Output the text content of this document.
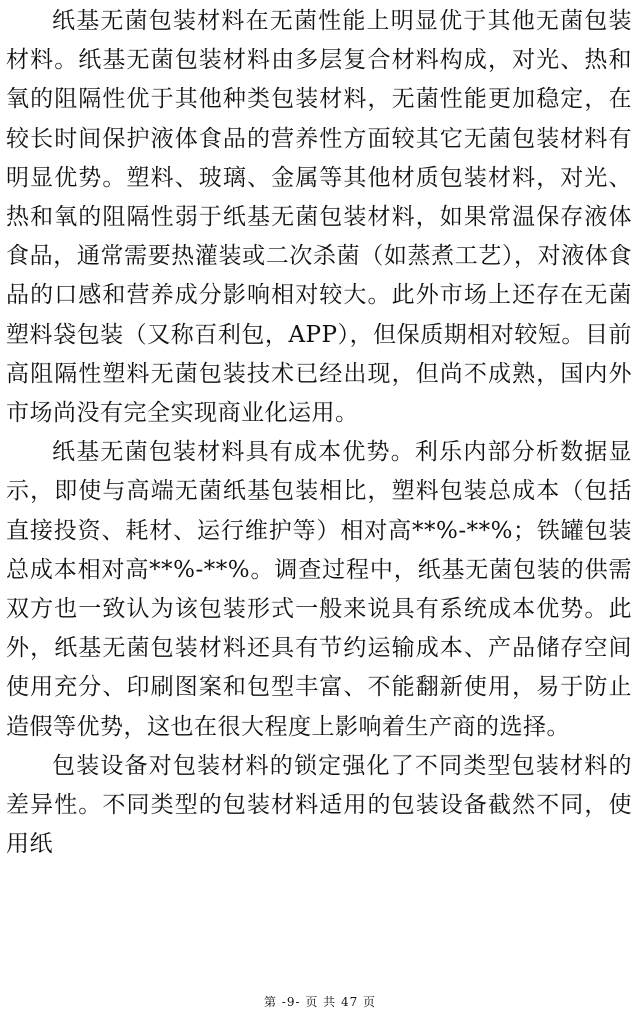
纸基无菌包装材料在无菌性能上明显优于其他无菌包装材料。纸基无菌包装材料由多层复合材料构成，对光、热和氧的阻隔性优于其他种类包装材料，无菌性能更加稳定，在较长时间保护液体食品的营养性方面较其它无菌包装材料有明显优势。塑料、玻璃、金属等其他材质包装材料，对光、热和氧的阻隔性弱于纸基无菌包装材料，如果常温保存液体食品，通常需要热灌装或二次杀菌（如蒸煮工艺），对液体食品的口感和营养成分影响相对较大。此外市场上还存在无菌塑料袋包装（又称百利包，APP），但保质期相对较短。目前高阻隔性塑料无菌包装技术已经出现，但尚不成熟，国内外市场尚没有完全实现商业化运用。

纸基无菌包装材料具有成本优势。利乐内部分析数据显示，即使与高端无菌纸基包装相比，塑料包装总成本（包括直接投资、耗材、运行维护等）相对高**%-**%；铁罐包装总成本相对高**%-**%。调查过程中，纸基无菌包装的供需双方也一致认为该包装形式一般来说具有系统成本优势。此外，纸基无菌包装材料还具有节约运输成本、产品储存空间使用充分、印刷图案和包型丰富、不能翻新使用，易于防止造假等优势，这也在很大程度上影响着生产商的选择。

包装设备对包装材料的锁定强化了不同类型包装材料的差异性。不同类型的包装材料适用的包装设备截然不同，使用纸

第 -9- 页 共 47 页
